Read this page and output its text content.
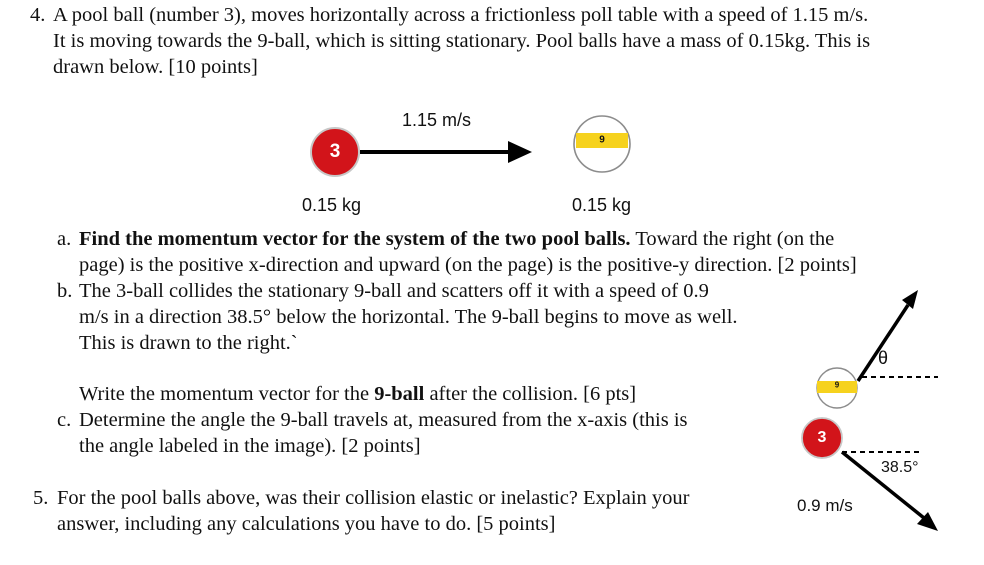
4. A pool ball (number 3), moves horizontally across a frictionless poll table with a speed of 1.15 m/s.
It is moving towards the 9-ball, which is sitting stationary. Pool balls have a mass of 0.15kg. This is
drawn below. [10 points]
3
9
1.15 m/s
0.15 kg	0.15 kg
a. Find the momentum vector for the system of the two pool balls. Toward the right (on the
page) is the positive x-direction and upward (on the page) is the positive-y direction. [2 points]
b. The 3-ball collides the stationary 9-ball and scatters off it with a speed of 0.9
m/s in a direction 38.5° below the horizontal. The 9-ball begins to move as well.
This is drawn to the right.`
Write the momentum vector for the 9-ball after the collision. [6 pts]
c. Determine the angle the 9-ball travels at, measured from the x-axis (this is
the angle labeled in the image). [2 points]
5. For the pool balls above, was their collision elastic or inelastic? Explain your
answer, including any calculations you have to do. [5 points]
9
3
θ
38.5°
0.9 m/s
